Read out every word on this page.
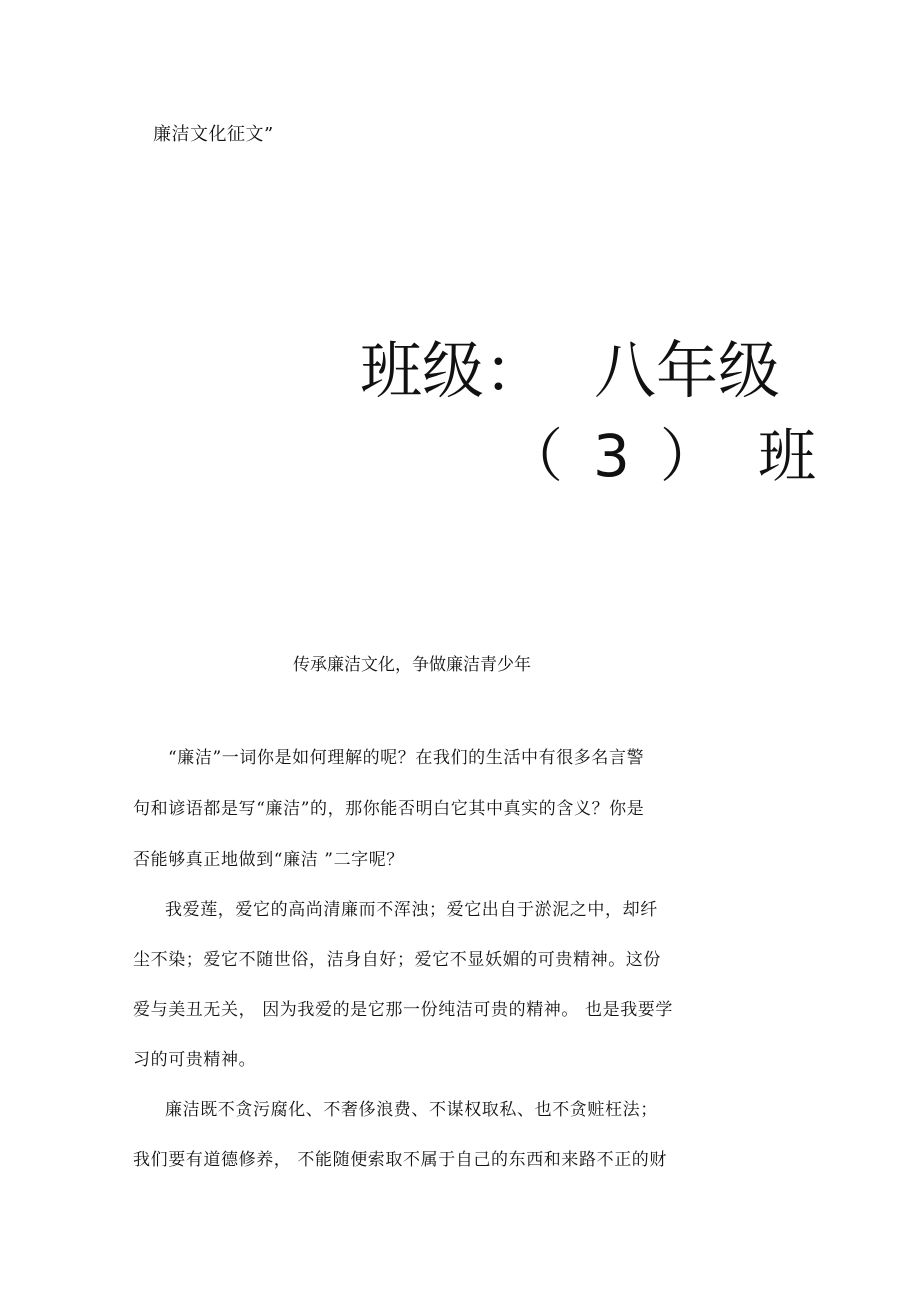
廉洁文化征文”
班级： 八年级
（ 3 ） 班
传承廉洁文化，争做廉洁青少年
“廉洁”一词你是如何理解的呢？在我们的生活中有很多名言警
句和谚语都是写“廉洁”的，那你能否明白它其中真实的含义？你是
否能够真正地做到“廉洁 ”二字呢？
我爱莲，爱它的高尚清廉而不浑浊；爱它出自于淤泥之中，却纤
尘不染；爱它不随世俗，洁身自好；爱它不显妖媚的可贵精神。这份
爱与美丑无关， 因为我爱的是它那一份纯洁可贵的精神。 也是我要学
习的可贵精神。
廉洁既不贪污腐化、不奢侈浪费、不谋权取私、也不贪赃枉法；
我们要有道德修养， 不能随便索取不属于自己的东西和来路不正的财
